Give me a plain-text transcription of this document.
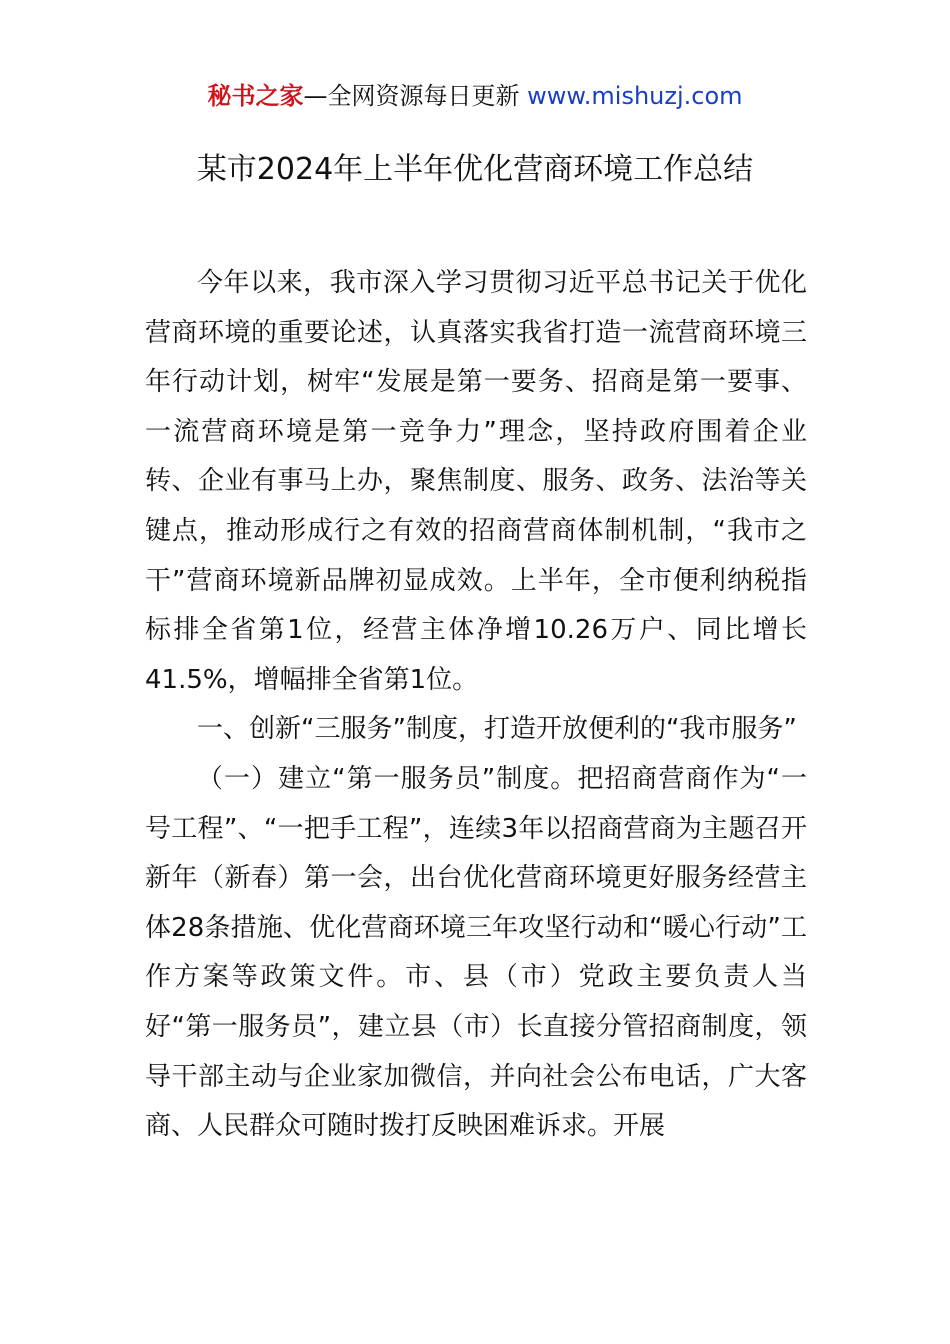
秘书之家—全网资源每日更新 www.mishuzj.com
某市2024年上半年优化营商环境工作总结

今年以来，我市深入学习贯彻习近平总书记关于优化营商环境的重要论述，认真落实我省打造一流营商环境三年行动计划，树牢“发展是第一要务、招商是第一要事、一流营商环境是第一竞争力”理念，坚持政府围着企业转、企业有事马上办，聚焦制度、服务、政务、法治等关键点，推动形成行之有效的招商营商体制机制，“我市之干”营商环境新品牌初显成效。上半年，全市便利纳税指标排全省第1位，经营主体净增10.26万户、同比增长41.5%，增幅排全省第1位。

一、创新“三服务”制度，打造开放便利的“我市服务”

（一）建立“第一服务员”制度。把招商营商作为“一号工程”、“一把手工程”，连续3年以招商营商为主题召开新年（新春）第一会，出台优化营商环境更好服务经营主体28条措施、优化营商环境三年攻坚行动和“暖心行动”工作方案等政策文件。市、县（市）党政主要负责人当好“第一服务员”，建立县（市）长直接分管招商制度，领导干部主动与企业家加微信，并向社会公布电话，广大客商、人民群众可随时拨打反映困难诉求。开展
